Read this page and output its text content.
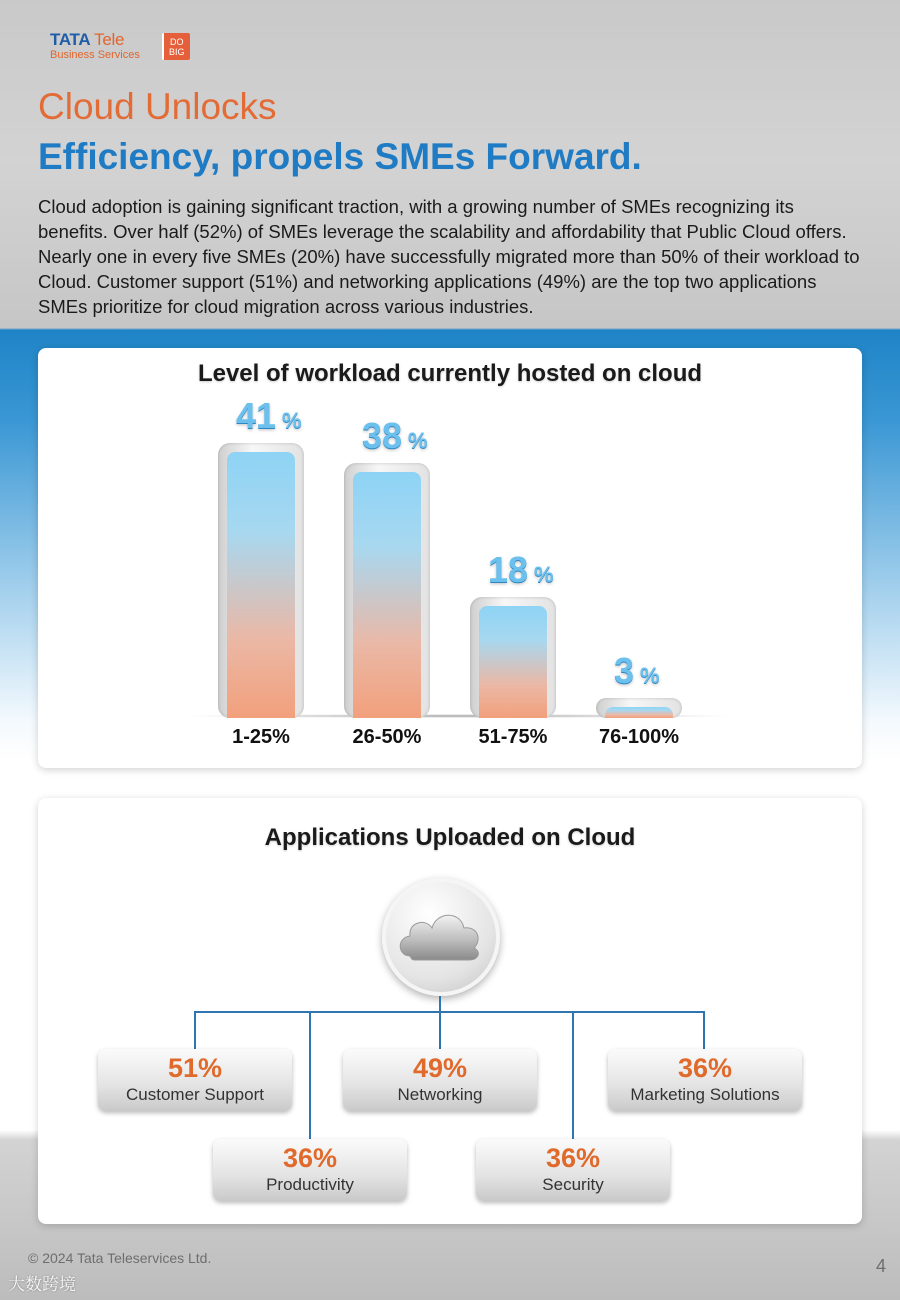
TATA Tele
Business Services
DO
BIG
Cloud Unlocks
Efficiency, propels SMEs Forward.

Cloud adoption is gaining significant traction, with a growing number of SMEs recognizing its benefits. Over half (52%) of SMEs leverage the scalability and affordability that Public Cloud offers. Nearly one in every five SMEs (20%) have successfully migrated more than 50% of their workload to Cloud. Customer support (51%) and networking applications (49%) are the top two applications SMEs prioritize for cloud migration across various industries.

Level of workload currently hosted on cloud
41 %
1-25%
38 %
26-50%
18 %
51-75%
3 %
76-100%
Applications Uploaded on Cloud
51%
Customer Support
49%
Networking
36%
Marketing Solutions
36%
Productivity
36%
Security
© 2024 Tata Teleservices Ltd.	4
大数跨境
